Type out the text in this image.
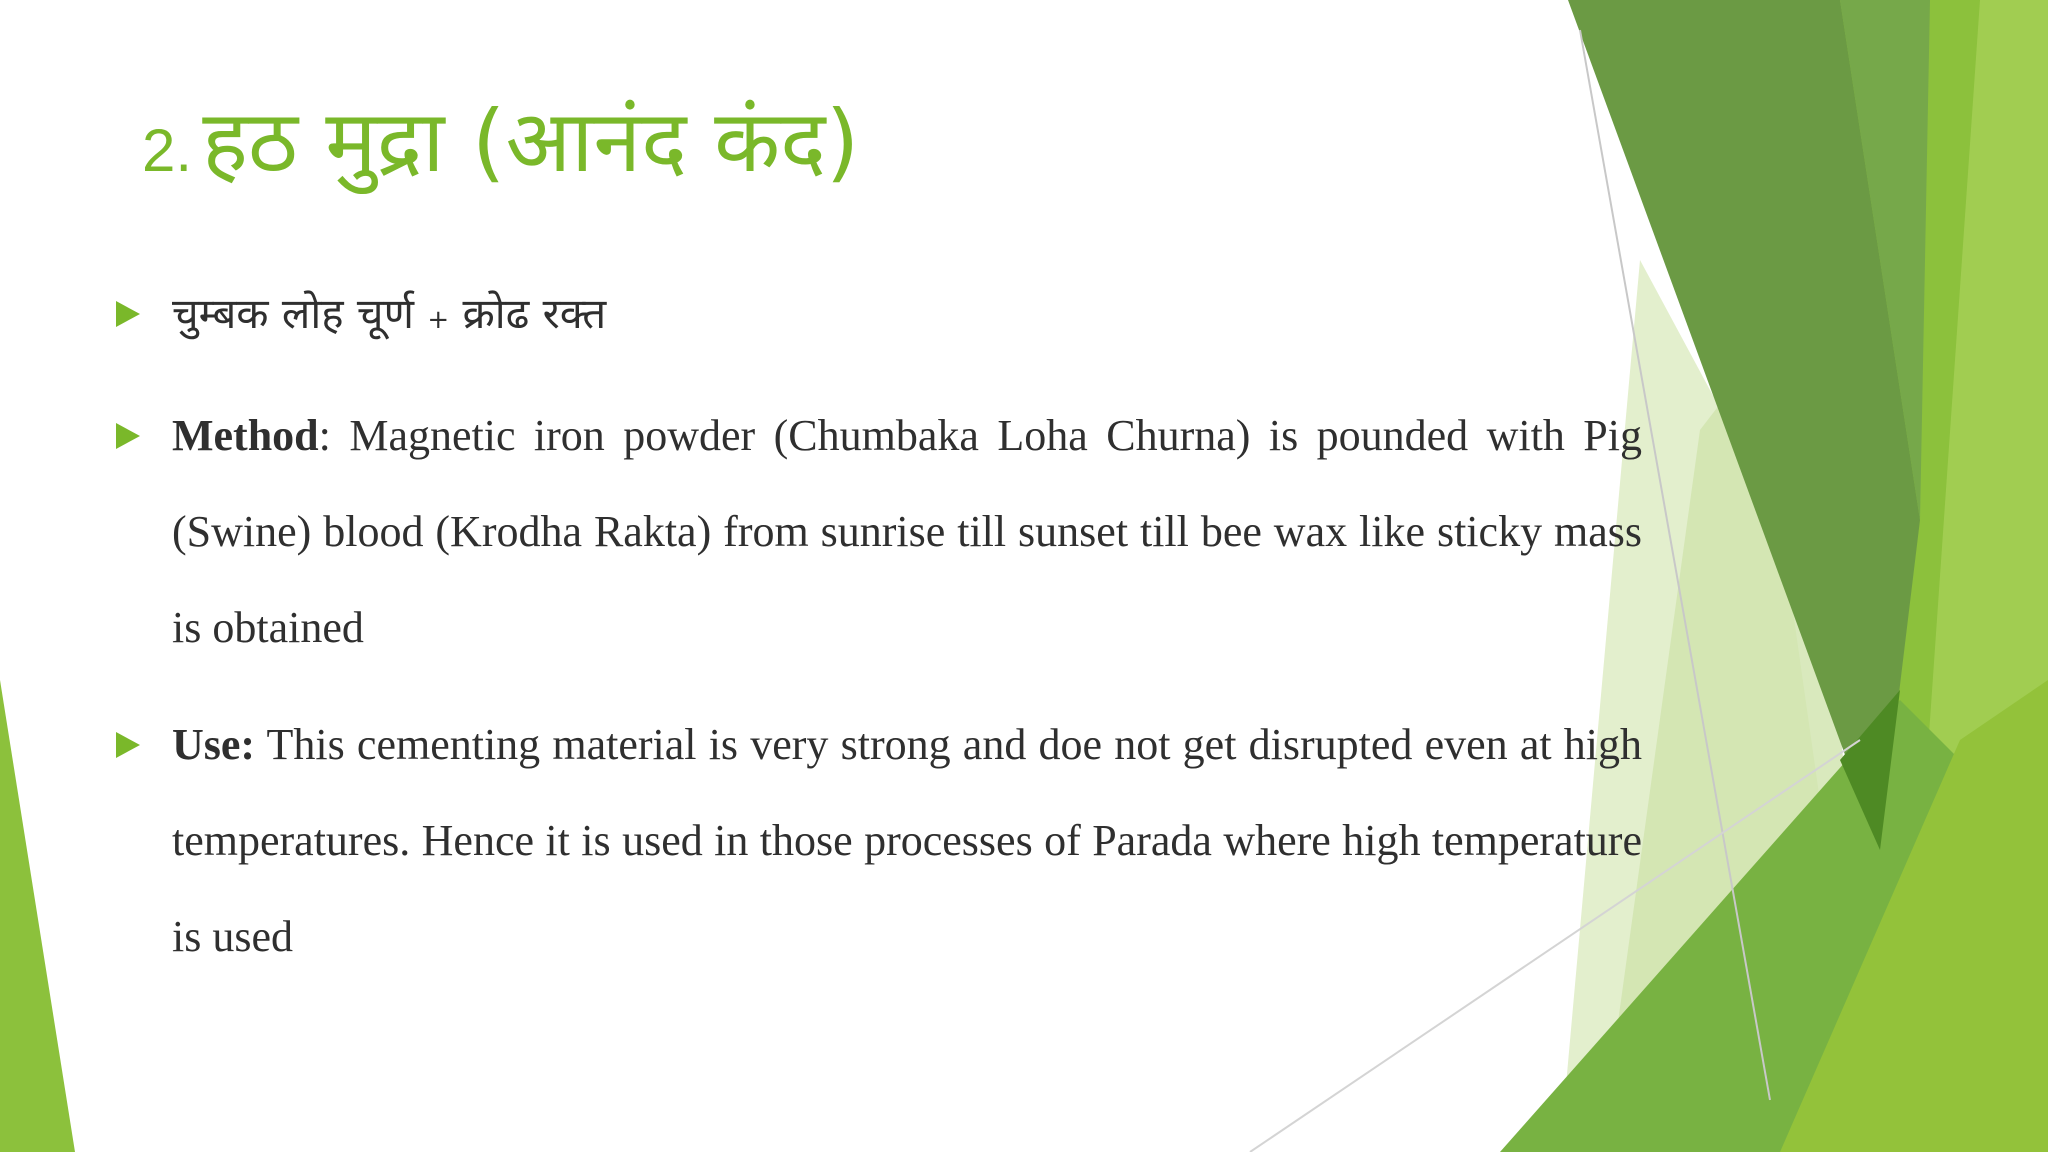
2. हठ मुद्रा (आनंद कंद)
चुम्बक लोह चूर्ण + क्रोढ रक्त
Method: Magnetic iron powder (Chumbaka Loha Churna) is pounded with Pig (Swine) blood (Krodha Rakta) from sunrise till sunset till bee wax like sticky mass is obtained
Use: This cementing material is very strong and doe not get disrupted even at high temperatures. Hence it is used in those processes of Parada where high temperature is used
